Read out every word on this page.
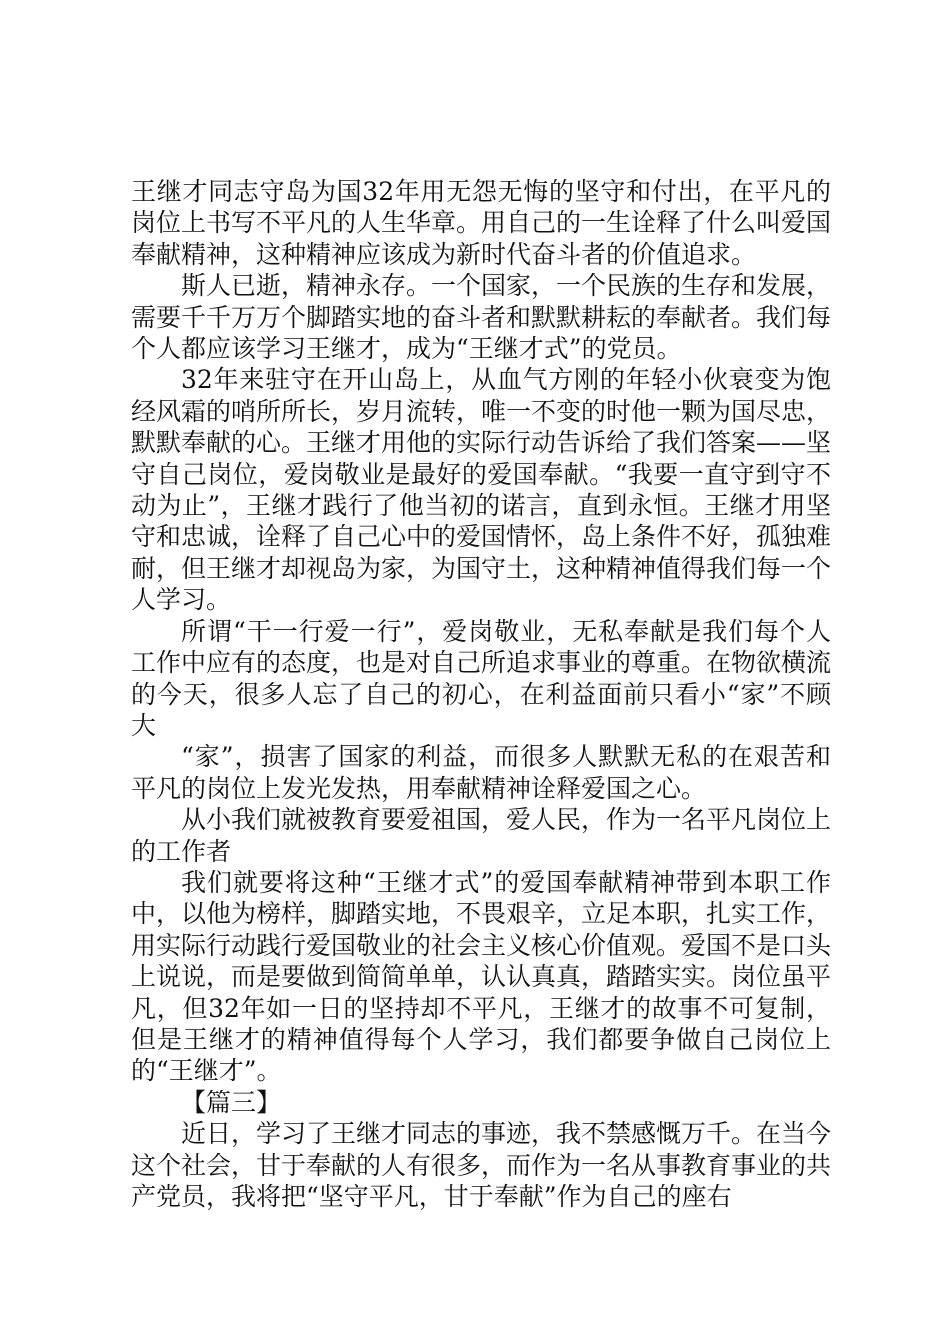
王继才同志守岛为国32年用无怨无悔的坚守和付出，在平凡的岗位上书写不平凡的人生华章。用自己的一生诠释了什么叫爱国奉献精神，这种精神应该成为新时代奋斗者的价值追求。

斯人已逝，精神永存。一个国家，一个民族的生存和发展，需要千千万万个脚踏实地的奋斗者和默默耕耘的奉献者。我们每个人都应该学习王继才，成为“王继才式”的党员。

32年来驻守在开山岛上，从血气方刚的年轻小伙衰变为饱经风霜的哨所所长，岁月流转，唯一不变的时他一颗为国尽忠，默默奉献的心。王继才用他的实际行动告诉给了我们答案——坚守自己岗位，爱岗敬业是最好的爱国奉献。“我要一直守到守不动为止”，王继才践行了他当初的诺言，直到永恒。王继才用坚守和忠诚，诠释了自己心中的爱国情怀，岛上条件不好，孤独难耐，但王继才却视岛为家，为国守土，这种精神值得我们每一个人学习。

所谓“干一行爱一行”，爱岗敬业，无私奉献是我们每个人工作中应有的态度，也是对自己所追求事业的尊重。在物欲横流的今天，很多人忘了自己的初心，在利益面前只看小“家”不顾大

“家”，损害了国家的利益，而很多人默默无私的在艰苦和平凡的岗位上发光发热，用奉献精神诠释爱国之心。

从小我们就被教育要爱祖国，爱人民，作为一名平凡岗位上的工作者

我们就要将这种“王继才式”的爱国奉献精神带到本职工作中，以他为榜样，脚踏实地，不畏艰辛，立足本职，扎实工作，用实际行动践行爱国敬业的社会主义核心价值观。爱国不是口头上说说，而是要做到简简单单，认认真真，踏踏实实。岗位虽平凡，但32年如一日的坚持却不平凡，王继才的故事不可复制，但是王继才的精神值得每个人学习，我们都要争做自己岗位上的“王继才”。

【篇三】

近日，学习了王继才同志的事迹，我不禁感慨万千。在当今这个社会，甘于奉献的人有很多，而作为一名从事教育事业的共产党员，我将把“坚守平凡，甘于奉献”作为自己的座右
